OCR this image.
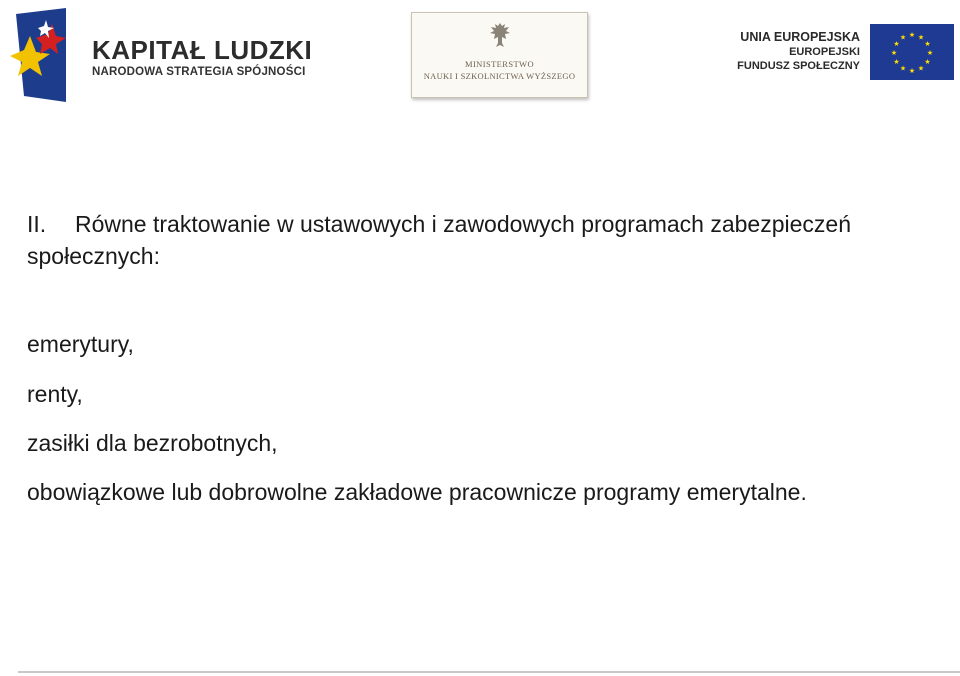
KAPITAŁ LUDZKI
NARODOWA STRATEGIA SPÓJNOŚCI
MINISTERSTWO
NAUKI I SZKOLNICTWA WYŻSZEGO
UNIA EUROPEJSKA
EUROPEJSKI
FUNDUSZ SPOŁECZNY
★ ★
★
★
★
★
★
★
★
★
★
★
II. Równe traktowanie w ustawowych i zawodowych programach zabezpieczeń społecznych:
emerytury,
renty,
zasiłki dla bezrobotnych,
obowiązkowe lub dobrowolne zakładowe pracownicze programy emerytalne.
